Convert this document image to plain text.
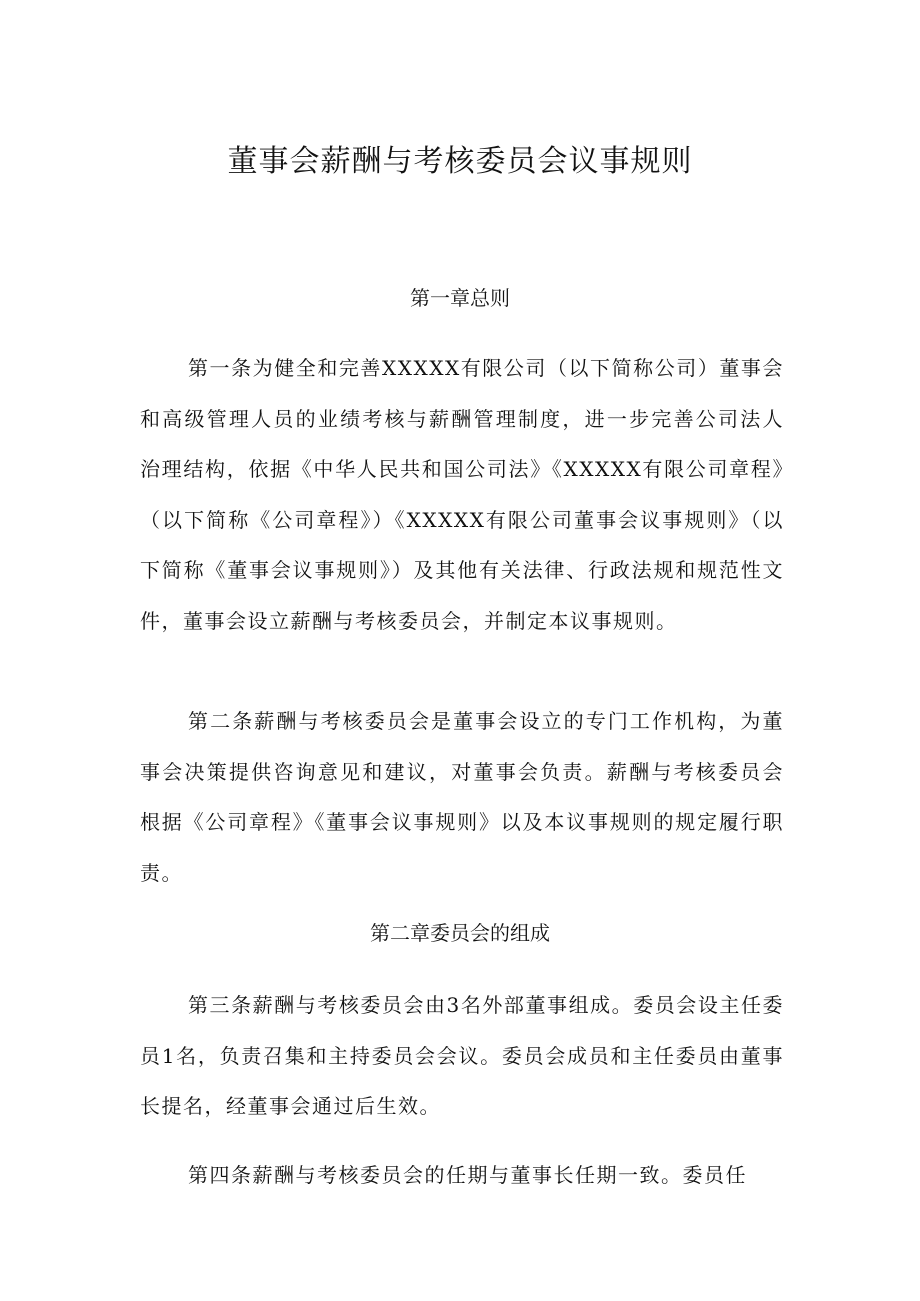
董事会薪酬与考核委员会议事规则
第一章总则

第一条为健全和完善XXXXX有限公司（以下简称公司）董事会和高级管理人员的业绩考核与薪酬管理制度，进一步完善公司法人治理结构，依据《中华人民共和国公司法》《XXXXX有限公司章程》（以下简称《公司章程》）《XXXXX有限公司董事会议事规则》（以下简称《董事会议事规则》）及其他有关法律、行政法规和规范性文件，董事会设立薪酬与考核委员会，并制定本议事规则。

第二条薪酬与考核委员会是董事会设立的专门工作机构，为董事会决策提供咨询意见和建议，对董事会负责。薪酬与考核委员会根据《公司章程》《董事会议事规则》以及本议事规则的规定履行职责。

第二章委员会的组成

第三条薪酬与考核委员会由3名外部董事组成。委员会设主任委员1名，负责召集和主持委员会会议。委员会成员和主任委员由董事长提名，经董事会通过后生效。

第四条薪酬与考核委员会的任期与董事长任期一致。委员任
